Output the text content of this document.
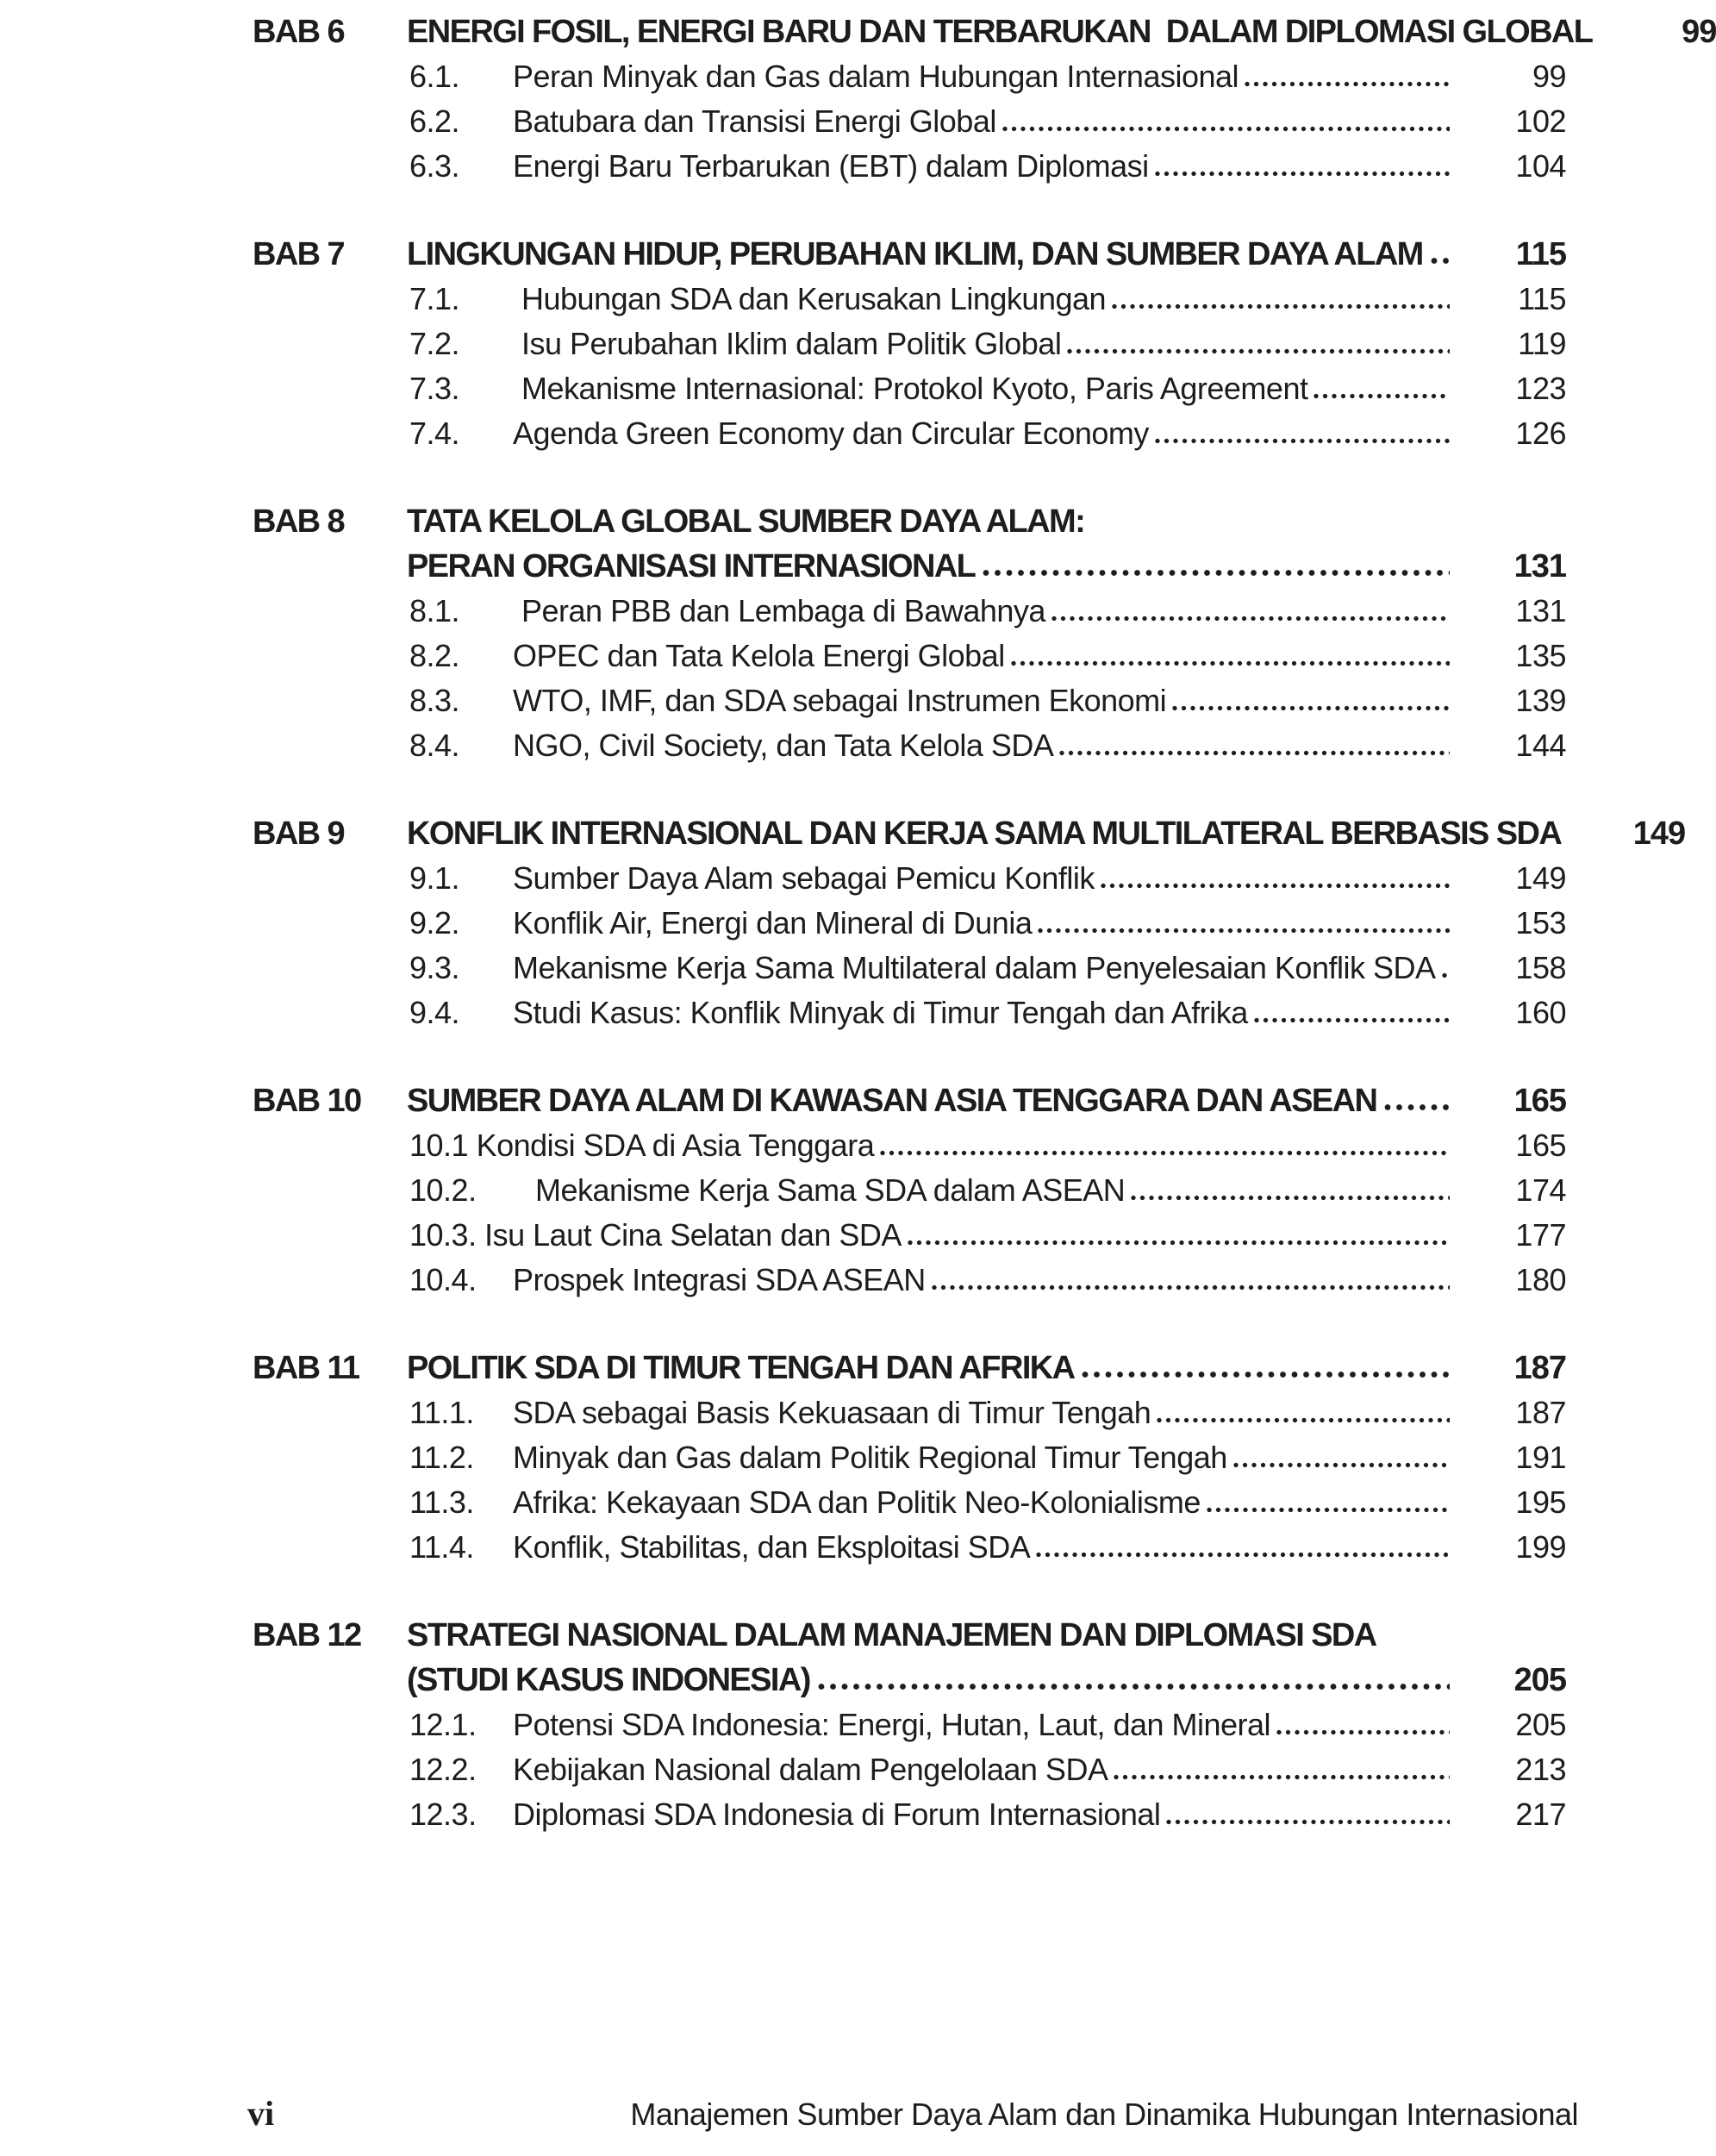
BAB 6	ENERGI FOSIL, ENERGI BARU DAN TERBARUKAN  DALAM DIPLOMASI GLOBAL	99
6.1.	Peran Minyak dan Gas dalam Hubungan Internasional	99
6.2.	Batubara dan Transisi Energi Global	102
6.3.	Energi Baru Terbarukan (EBT) dalam Diplomasi	104
BAB 7	LINGKUNGAN HIDUP, PERUBAHAN IKLIM, DAN SUMBER DAYA ALAM	115
7.1.	Hubungan SDA dan Kerusakan Lingkungan	115
7.2.	Isu Perubahan Iklim dalam Politik Global	119
7.3.	Mekanisme Internasional: Protokol Kyoto, Paris Agreement	123
7.4.	Agenda Green Economy dan Circular Economy	126
BAB 8	TATA KELOLA GLOBAL SUMBER DAYA ALAM:
PERAN ORGANISASI INTERNASIONAL	131
8.1.	Peran PBB dan Lembaga di Bawahnya	131
8.2.	OPEC dan Tata Kelola Energi Global	135
8.3.	WTO, IMF, dan SDA sebagai Instrumen Ekonomi	139
8.4.	NGO, Civil Society, dan Tata Kelola SDA	144
BAB 9	KONFLIK INTERNASIONAL DAN KERJA SAMA MULTILATERAL BERBASIS SDA	149
9.1.	Sumber Daya Alam sebagai Pemicu Konflik	149
9.2.	Konflik Air, Energi dan Mineral di Dunia	153
9.3.	Mekanisme Kerja Sama Multilateral dalam Penyelesaian Konflik SDA	158
9.4.	Studi Kasus: Konflik Minyak di Timur Tengah dan Afrika	160
BAB 10	SUMBER DAYA ALAM DI KAWASAN ASIA TENGGARA DAN ASEAN	165
10.1 Kondisi SDA di Asia Tenggara	165
10.2.	Mekanisme Kerja Sama SDA dalam ASEAN	174
10.3. Isu Laut Cina Selatan dan SDA	177
10.4.	Prospek Integrasi SDA ASEAN	180
BAB 11	POLITIK SDA DI TIMUR TENGAH DAN AFRIKA	187
11.1.	SDA sebagai Basis Kekuasaan di Timur Tengah	187
11.2.	Minyak dan Gas dalam Politik Regional Timur Tengah	191
11.3.	Afrika: Kekayaan SDA dan Politik Neo-Kolonialisme	195
11.4.	Konflik, Stabilitas, dan Eksploitasi SDA	199
BAB 12	STRATEGI NASIONAL DALAM MANAJEMEN DAN DIPLOMASI SDA
(STUDI KASUS INDONESIA)	205
12.1.	Potensi SDA Indonesia: Energi, Hutan, Laut, dan Mineral	205
12.2.	Kebijakan Nasional dalam Pengelolaan SDA	213
12.3.	Diplomasi SDA Indonesia di Forum Internasional	217
vi	Manajemen Sumber Daya Alam dan Dinamika Hubungan Internasional
